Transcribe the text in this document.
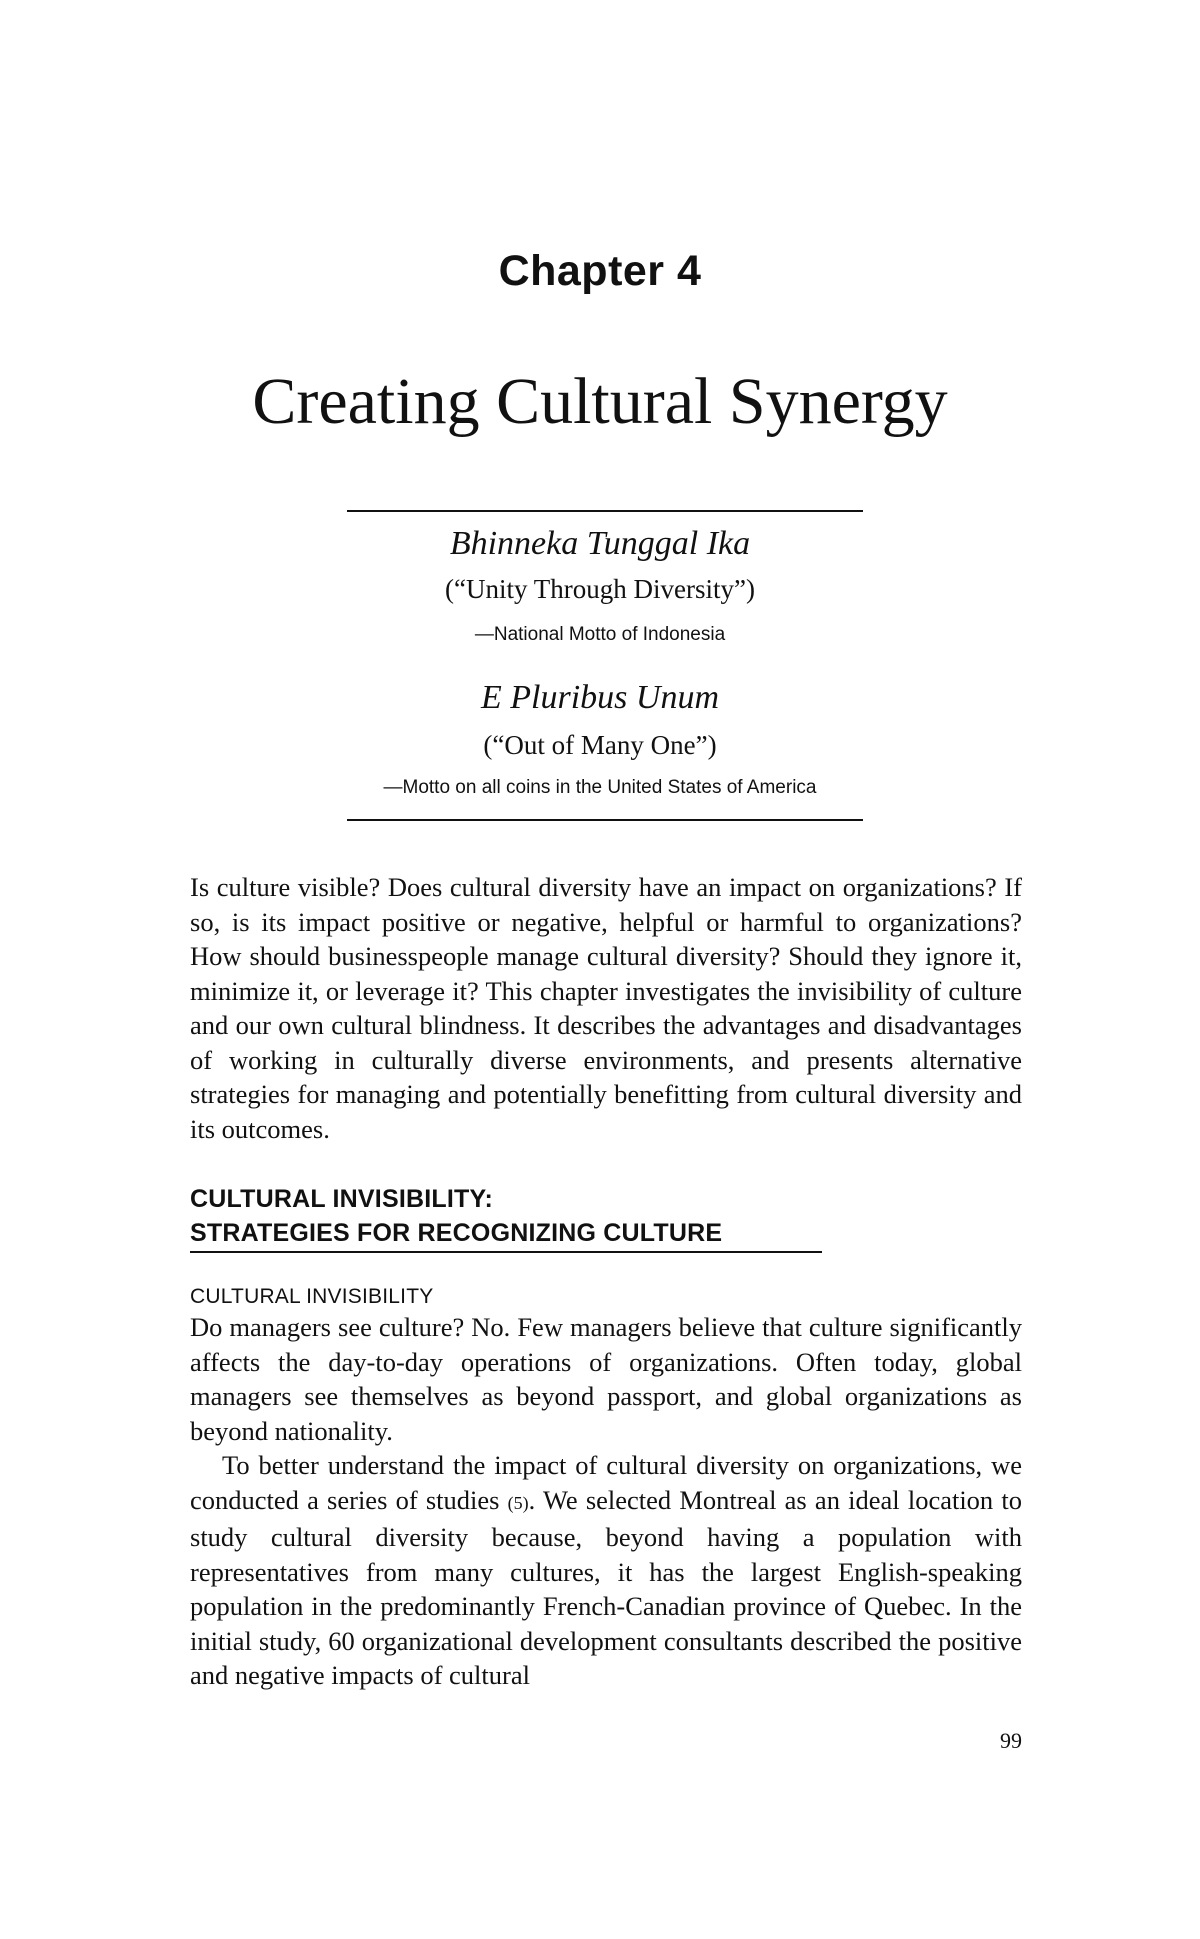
Chapter 4
Creating Cultural Synergy
Bhinneka Tunggal Ika
(“Unity Through Diversity”)
—National Motto of Indonesia
E Pluribus Unum
(“Out of Many One”)
—Motto on all coins in the United States of America

Is culture visible? Does cultural diversity have an impact on organizations? If so, is its impact positive or negative, helpful or harmful to organizations? How should businesspeople manage cultural diversity? Should they ignore it, minimize it, or leverage it? This chapter investigates the invisibility of culture and our own cultural blindness. It describes the advantages and disadvantages of working in culturally diverse environments, and presents alternative strategies for managing and potentially benefitting from cultural diversity and its outcomes.

CULTURAL INVISIBILITY:
STRATEGIES FOR RECOGNIZING CULTURE
CULTURAL INVISIBILITY

Do managers see culture? No. Few managers believe that culture significantly affects the day-to-day operations of organizations. Often today, global managers see themselves as beyond passport, and global organizations as beyond nationality.

To better understand the impact of cultural diversity on organizations, we conducted a series of studies (5). We selected Montreal as an ideal location to study cultural diversity because, beyond having a population with representatives from many cultures, it has the largest English-speaking population in the predominantly French-Canadian province of Quebec. In the initial study, 60 organizational development consultants described the positive and negative impacts of cultural

99
